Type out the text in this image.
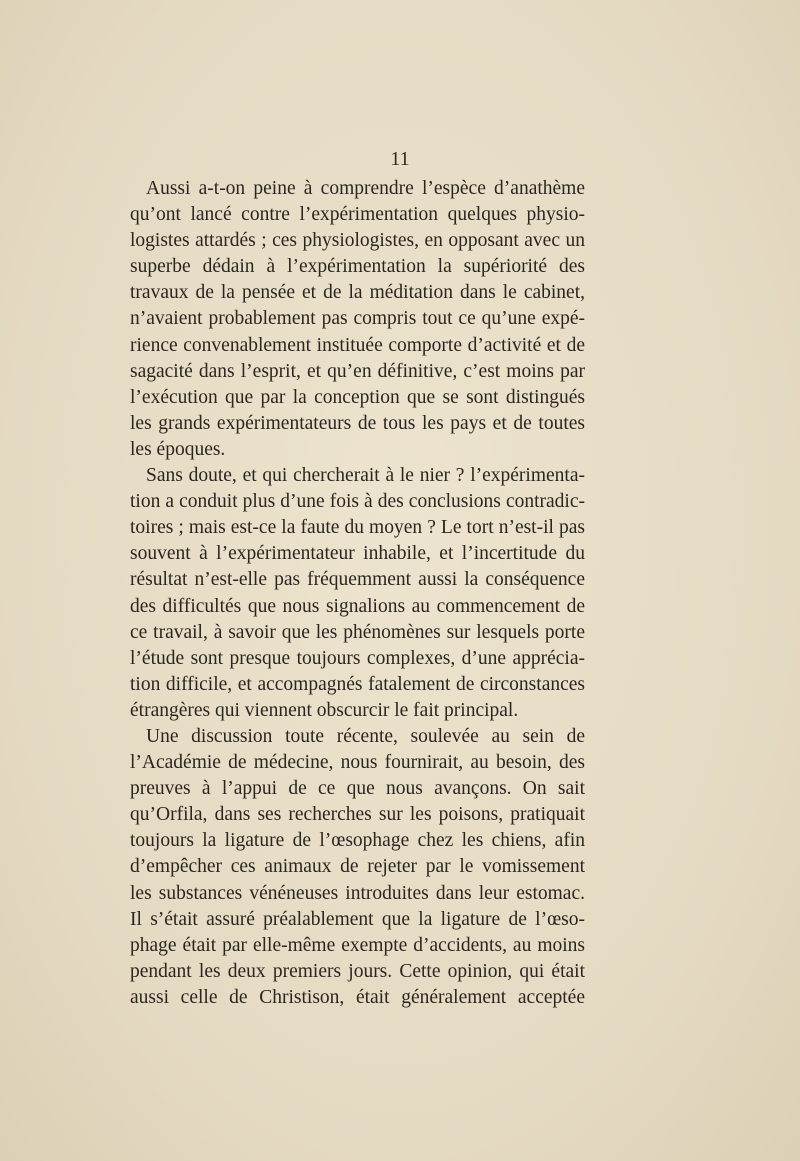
11
Aussi a-t-on peine à comprendre l’espèce d’anathème
qu’ont lancé contre l’expérimentation quelques physio-
logistes attardés ; ces physiologistes, en opposant avec un
superbe dédain à l’expérimentation la supériorité des
travaux de la pensée et de la méditation dans le cabinet,
n’avaient probablement pas compris tout ce qu’une expé-
rience convenablement instituée comporte d’activité et de
sagacité dans l’esprit, et qu’en définitive, c’est moins par
l’exécution que par la conception que se sont distingués
les grands expérimentateurs de tous les pays et de toutes
les époques.
Sans doute, et qui chercherait à le nier ? l’expérimenta-
tion a conduit plus d’une fois à des conclusions contradic-
toires ; mais est-ce la faute du moyen ? Le tort n’est-il pas
souvent à l’expérimentateur inhabile, et l’incertitude du
résultat n’est-elle pas fréquemment aussi la conséquence
des difficultés que nous signalions au commencement de
ce travail, à savoir que les phénomènes sur lesquels porte
l’étude sont presque toujours complexes, d’une apprécia-
tion difficile, et accompagnés fatalement de circonstances
étrangères qui viennent obscurcir le fait principal.
Une discussion toute récente, soulevée au sein de
l’Académie de médecine, nous fournirait, au besoin, des
preuves à l’appui de ce que nous avançons. On sait
qu’Orfila, dans ses recherches sur les poisons, pratiquait
toujours la ligature de l’œsophage chez les chiens, afin
d’empêcher ces animaux de rejeter par le vomissement
les substances vénéneuses introduites dans leur estomac.
Il s’était assuré préalablement que la ligature de l’œso-
phage était par elle-même exempte d’accidents, au moins
pendant les deux premiers jours. Cette opinion, qui était
aussi celle de Christison, était généralement acceptée
